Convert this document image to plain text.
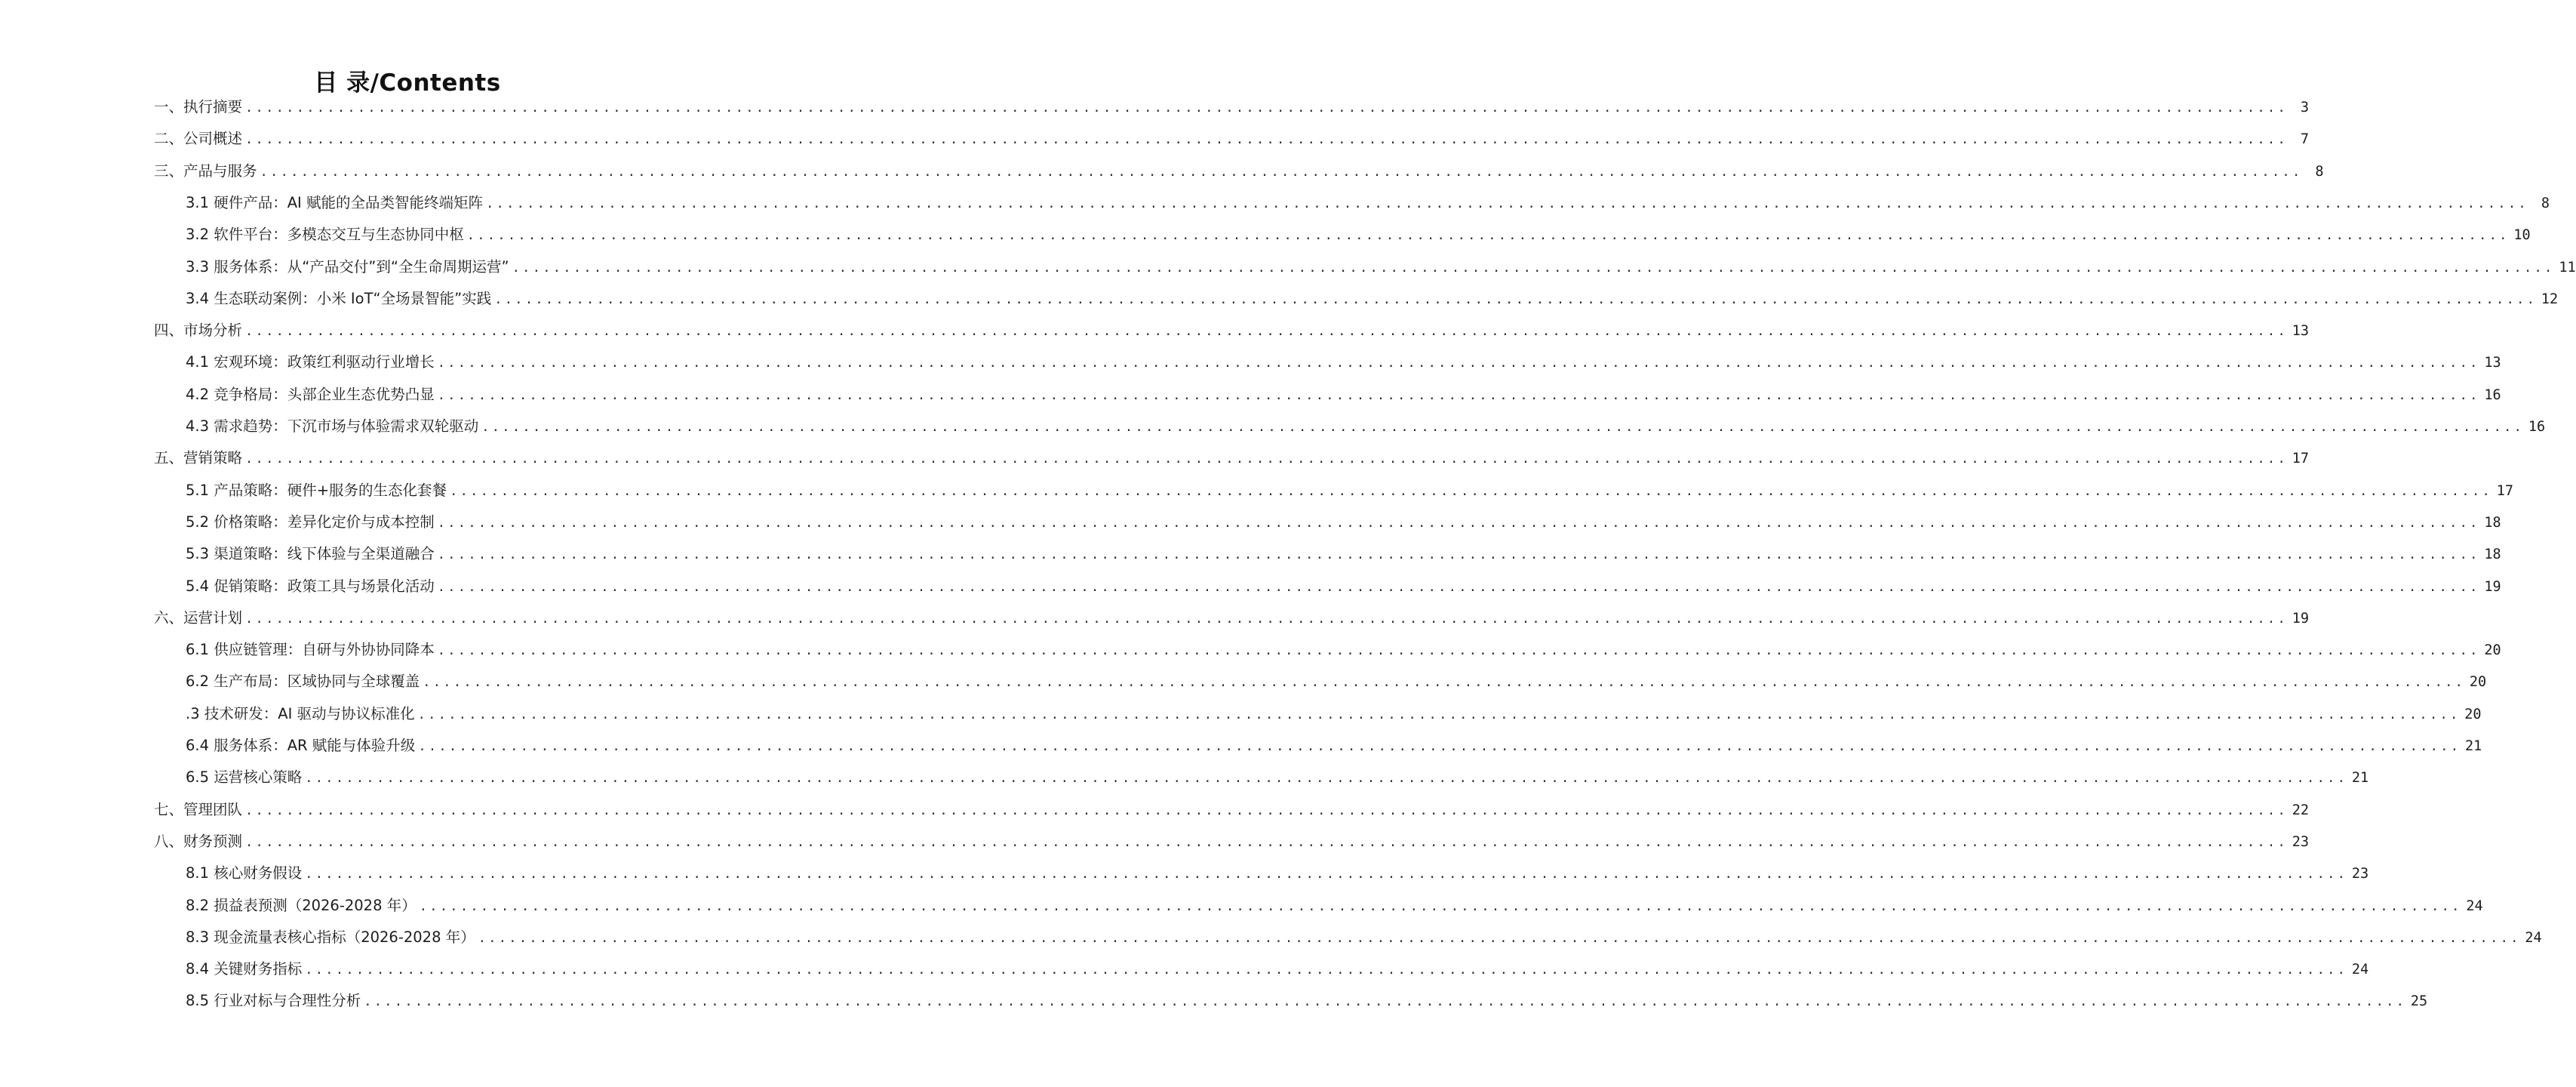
目 录/Contents
一、执行摘要 ........................................................................................................................................................................................................ 3
二、公司概述 ........................................................................................................................................................................................................ 7
三、产品与服务 ........................................................................................................................................................................................................ 8
3.1 硬件产品：AI 赋能的全品类智能终端矩阵 ........................................................................................................................................................................................................ 8
3.2 软件平台：多模态交互与生态协同中枢 ........................................................................................................................................................................................................ 10
3.3 服务体系：从“产品交付”到“全生命周期运营” ........................................................................................................................................................................................................ 11
3.4 生态联动案例：小米 IoT“全场景智能”实践 ........................................................................................................................................................................................................ 12
四、市场分析 ........................................................................................................................................................................................................ 13
4.1 宏观环境：政策红利驱动行业增长 ........................................................................................................................................................................................................ 13
4.2 竞争格局：头部企业生态优势凸显 ........................................................................................................................................................................................................ 16
4.3 需求趋势：下沉市场与体验需求双轮驱动 ........................................................................................................................................................................................................ 16
五、营销策略 ........................................................................................................................................................................................................ 17
5.1 产品策略：硬件+服务的生态化套餐 ........................................................................................................................................................................................................ 17
5.2 价格策略：差异化定价与成本控制 ........................................................................................................................................................................................................ 18
5.3 渠道策略：线下体验与全渠道融合 ........................................................................................................................................................................................................ 18
5.4 促销策略：政策工具与场景化活动 ........................................................................................................................................................................................................ 19
六、运营计划 ........................................................................................................................................................................................................ 19
6.1 供应链管理：自研与外协协同降本 ........................................................................................................................................................................................................ 20
6.2 生产布局：区域协同与全球覆盖 ........................................................................................................................................................................................................ 20
.3 技术研发：AI 驱动与协议标准化 ........................................................................................................................................................................................................ 20
6.4 服务体系：AR 赋能与体验升级 ........................................................................................................................................................................................................ 21
6.5 运营核心策略 ........................................................................................................................................................................................................ 21
七、管理团队 ........................................................................................................................................................................................................ 22
八、财务预测 ........................................................................................................................................................................................................ 23
8.1 核心财务假设 ........................................................................................................................................................................................................ 23
8.2 损益表预测（2026-2028 年） ........................................................................................................................................................................................................ 24
8.3 现金流量表核心指标（2026-2028 年） ........................................................................................................................................................................................................ 24
8.4 关键财务指标 ........................................................................................................................................................................................................ 24
8.5 行业对标与合理性分析 ........................................................................................................................................................................................................ 25
